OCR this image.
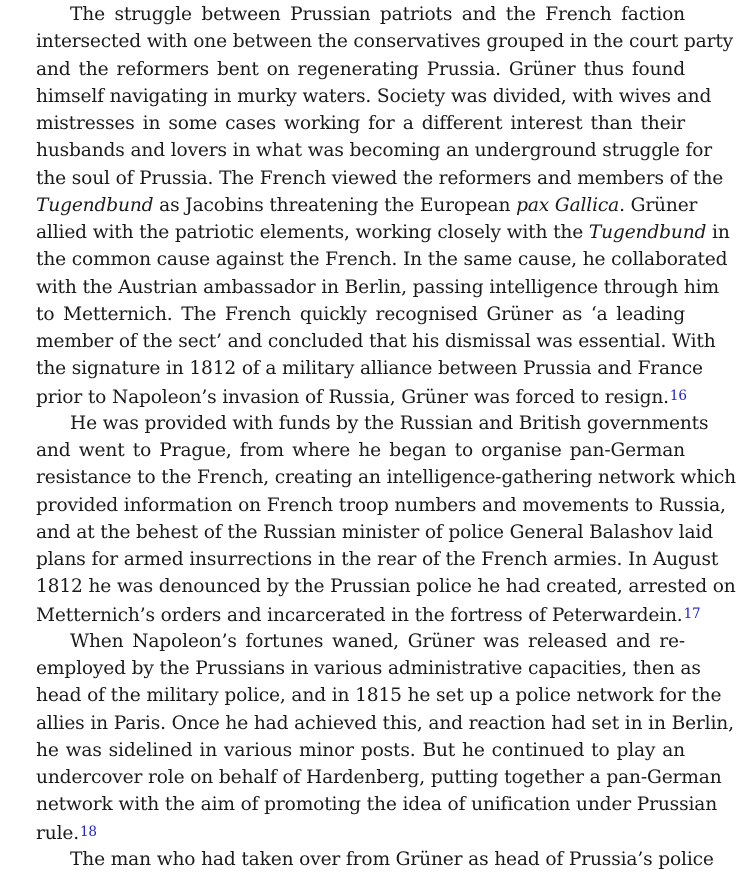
The struggle between Prussian patriots and the French faction
intersected with one between the conservatives grouped in the court party
and the reformers bent on regenerating Prussia. Grüner thus found
himself navigating in murky waters. Society was divided, with wives and
mistresses in some cases working for a different interest than their
husbands and lovers in what was becoming an underground struggle for
the soul of Prussia. The French viewed the reformers and members of the
Tugendbund as Jacobins threatening the European pax Gallica. Grüner
allied with the patriotic elements, working closely with the Tugendbund in
the common cause against the French. In the same cause, he collaborated
with the Austrian ambassador in Berlin, passing intelligence through him
to Metternich. The French quickly recognised Grüner as ‘a leading
member of the sect’ and concluded that his dismissal was essential. With
the signature in 1812 of a military alliance between Prussia and France
prior to Napoleon’s invasion of Russia, Grüner was forced to resign.16
He was provided with funds by the Russian and British governments
and went to Prague, from where he began to organise pan-German
resistance to the French, creating an intelligence-gathering network which
provided information on French troop numbers and movements to Russia,
and at the behest of the Russian minister of police General Balashov laid
plans for armed insurrections in the rear of the French armies. In August
1812 he was denounced by the Prussian police he had created, arrested on
Metternich’s orders and incarcerated in the fortress of Peterwardein.17
When Napoleon’s fortunes waned, Grüner was released and re-
employed by the Prussians in various administrative capacities, then as
head of the military police, and in 1815 he set up a police network for the
allies in Paris. Once he had achieved this, and reaction had set in in Berlin,
he was sidelined in various minor posts. But he continued to play an
undercover role on behalf of Hardenberg, putting together a pan-German
network with the aim of promoting the idea of unification under Prussian
rule.18
The man who had taken over from Grüner as head of Prussia’s police
